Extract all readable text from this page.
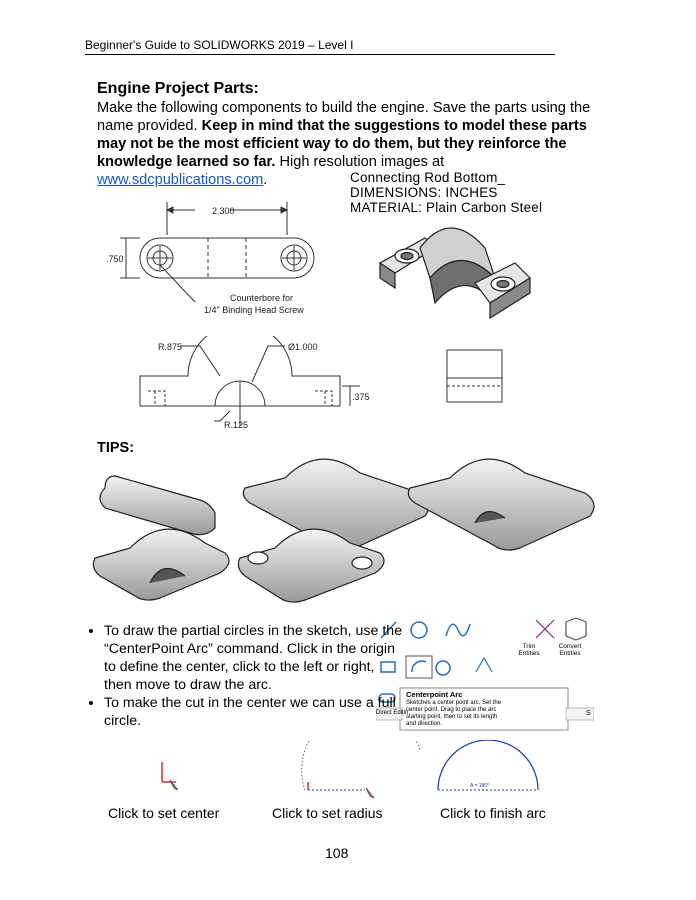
Beginner's Guide to SOLIDWORKS 2019 – Level I
Engine Project Parts:
Make the following components to build the engine. Save the parts using the name provided. Keep in mind that the suggestions to model these parts may not be the most efficient way to do them, but they reinforce the knowledge learned so far. High resolution images at www.sdcpublications.com.	Connecting Rod Bottom_
DIMENSIONS: INCHES
MATERIAL: Plain Carbon Steel
2.300
.750
Counterbore for
1/4" Binding Head Screw
R.875	Ø1.000
.375
R.125
TIPS:
Trim
Entities
Convert
Entities
Centerpoint Arc
Sketches a center point arc. Set the
center point. Drag to place the arc
starting point, then to set its length
and direction.
Direct Editin	S
• To draw the partial circles in the sketch, use the “CenterPoint Arc” command. Click in the origin to define the center, click to the left or right, then move to draw the arc.
• To make the cut in the center we can use a full circle.
A = 180°
Click to set center	Click to set radius	Click to finish arc
108
